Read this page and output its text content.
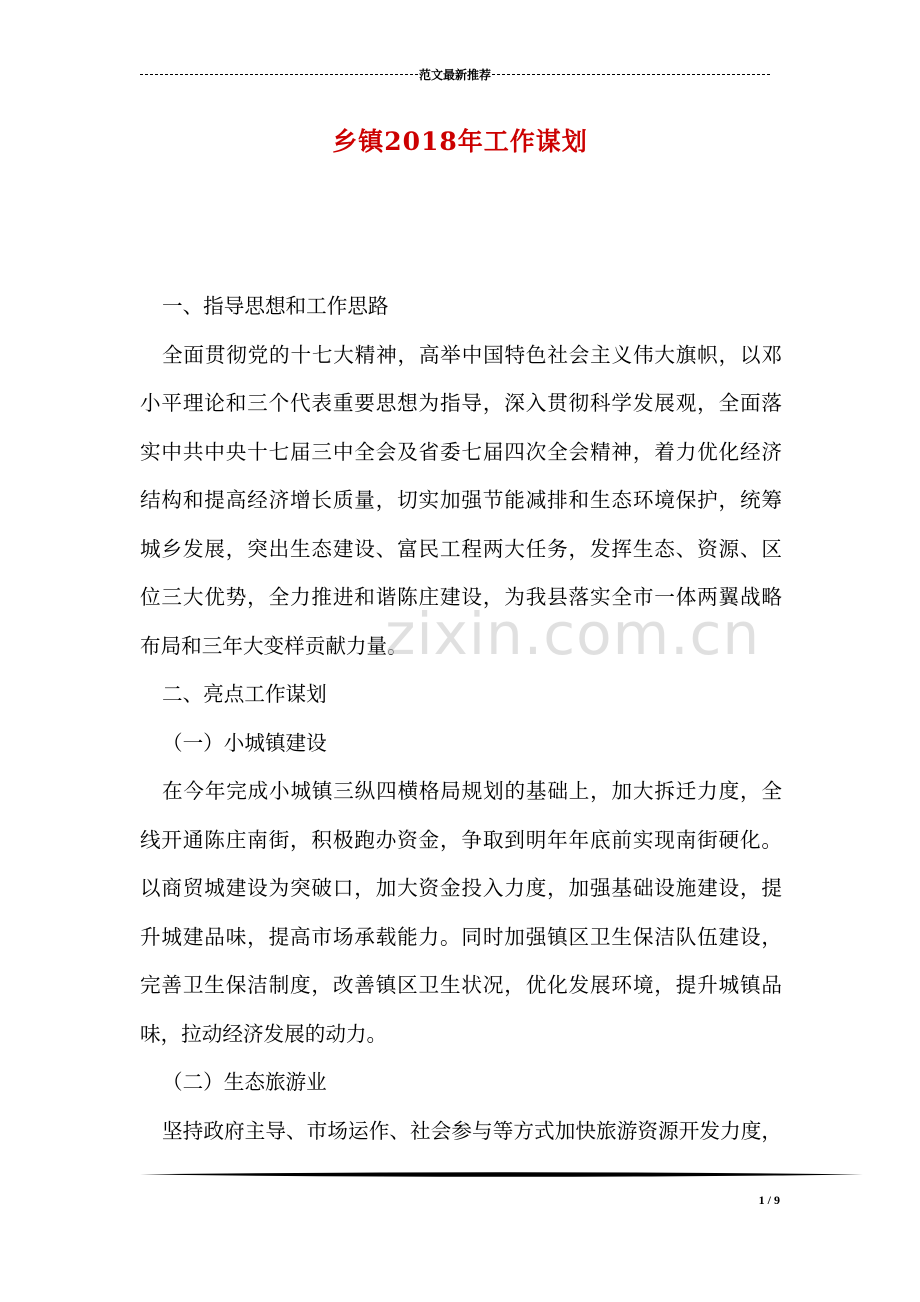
范文最新推荐
乡镇2018年工作谋划
一、指导思想和工作思路
全面贯彻党的十七大精神，高举中国特色社会主义伟大旗帜，以邓
小平理论和三个代表重要思想为指导，深入贯彻科学发展观，全面落
实中共中央十七届三中全会及省委七届四次全会精神，着力优化经济
结构和提高经济增长质量，切实加强节能减排和生态环境保护，统筹
城乡发展，突出生态建设、富民工程两大任务，发挥生态、资源、区
位三大优势，全力推进和谐陈庄建设，为我县落实全市一体两翼战略
布局和三年大变样贡献力量。
二、亮点工作谋划
（一）小城镇建设
在今年完成小城镇三纵四横格局规划的基础上，加大拆迁力度，全
线开通陈庄南街，积极跑办资金，争取到明年年底前实现南街硬化。
以商贸城建设为突破口，加大资金投入力度，加强基础设施建设，提
升城建品味，提高市场承载能力。同时加强镇区卫生保洁队伍建设，
完善卫生保洁制度，改善镇区卫生状况，优化发展环境，提升城镇品
味，拉动经济发展的动力。
（二）生态旅游业
坚持政府主导、市场运作、社会参与等方式加快旅游资源开发力度，
zixin.com.cn
1 / 9
